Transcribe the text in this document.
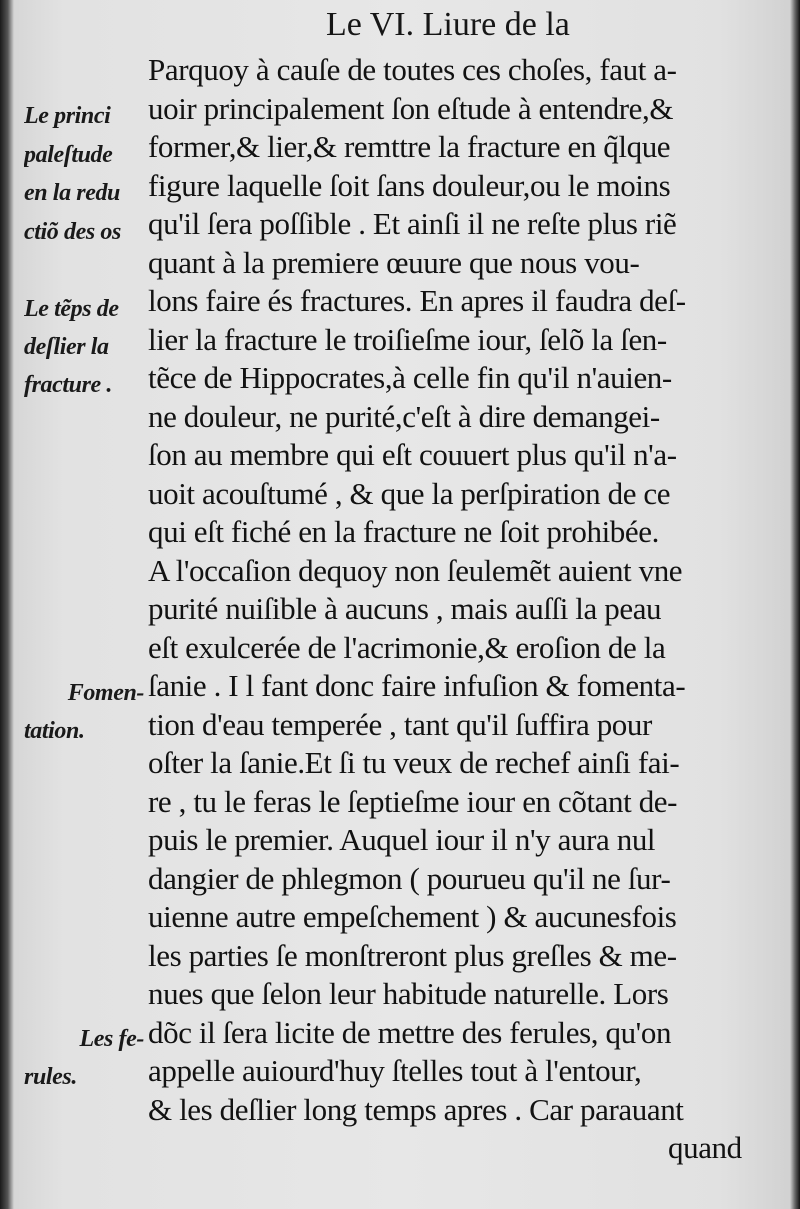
Le VI. Liure de la
Parquoy à cauſe de toutes ces choſes, faut a-
uoir principalement ſon eſtude à entendre,&
former,& lier,& remttre la fracture en q̃lque
figure laquelle ſoit ſans douleur,ou le moins
qu'il ſera poſſible . Et ainſi il ne reſte plus riẽ
quant à la premiere œuure que nous vou-
lons faire és fractures. En apres il faudra deſ-
lier la fracture le troiſieſme iour, ſelõ la ſen-
tẽce de Hippocrates,à celle fin qu'il n'auien-
ne douleur, ne purité,c'eſt à dire demangei-
ſon au membre qui eſt couuert plus qu'il n'a-
uoit acouſtumé , & que la perſpiration de ce
qui eſt fiché en la fracture ne ſoit prohibée.
A l'occaſion dequoy non ſeulemẽt auient vne
purité nuiſible à aucuns , mais auſſi la peau
eſt exulcerée de l'acrimonie,& eroſion de la
ſanie . I l fant donc faire infuſion & fomenta-
tion d'eau temperée , tant qu'il ſuffira pour
oſter la ſanie.Et ſi tu veux de rechef ainſi fai-
re , tu le feras le ſeptieſme iour en cõtant de-
puis le premier. Auquel iour il n'y aura nul
dangier de phlegmon ( pourueu qu'il ne ſur-
uienne autre empeſchement ) & aucunesfois
les parties ſe monſtreront plus greſles & me-
nues que ſelon leur habitude naturelle. Lors
dõc il ſera licite de mettre des ferules, qu'on
appelle auiourd'huy ſtelles tout à l'entour,
& les deſlier long temps apres . Car parauant
quand
Le princi
paleſtude
en la redu
ctiõ des os
Le tẽps de
deſlier la
fracture .
Fomen-
tation.
Les fe-
rules.
